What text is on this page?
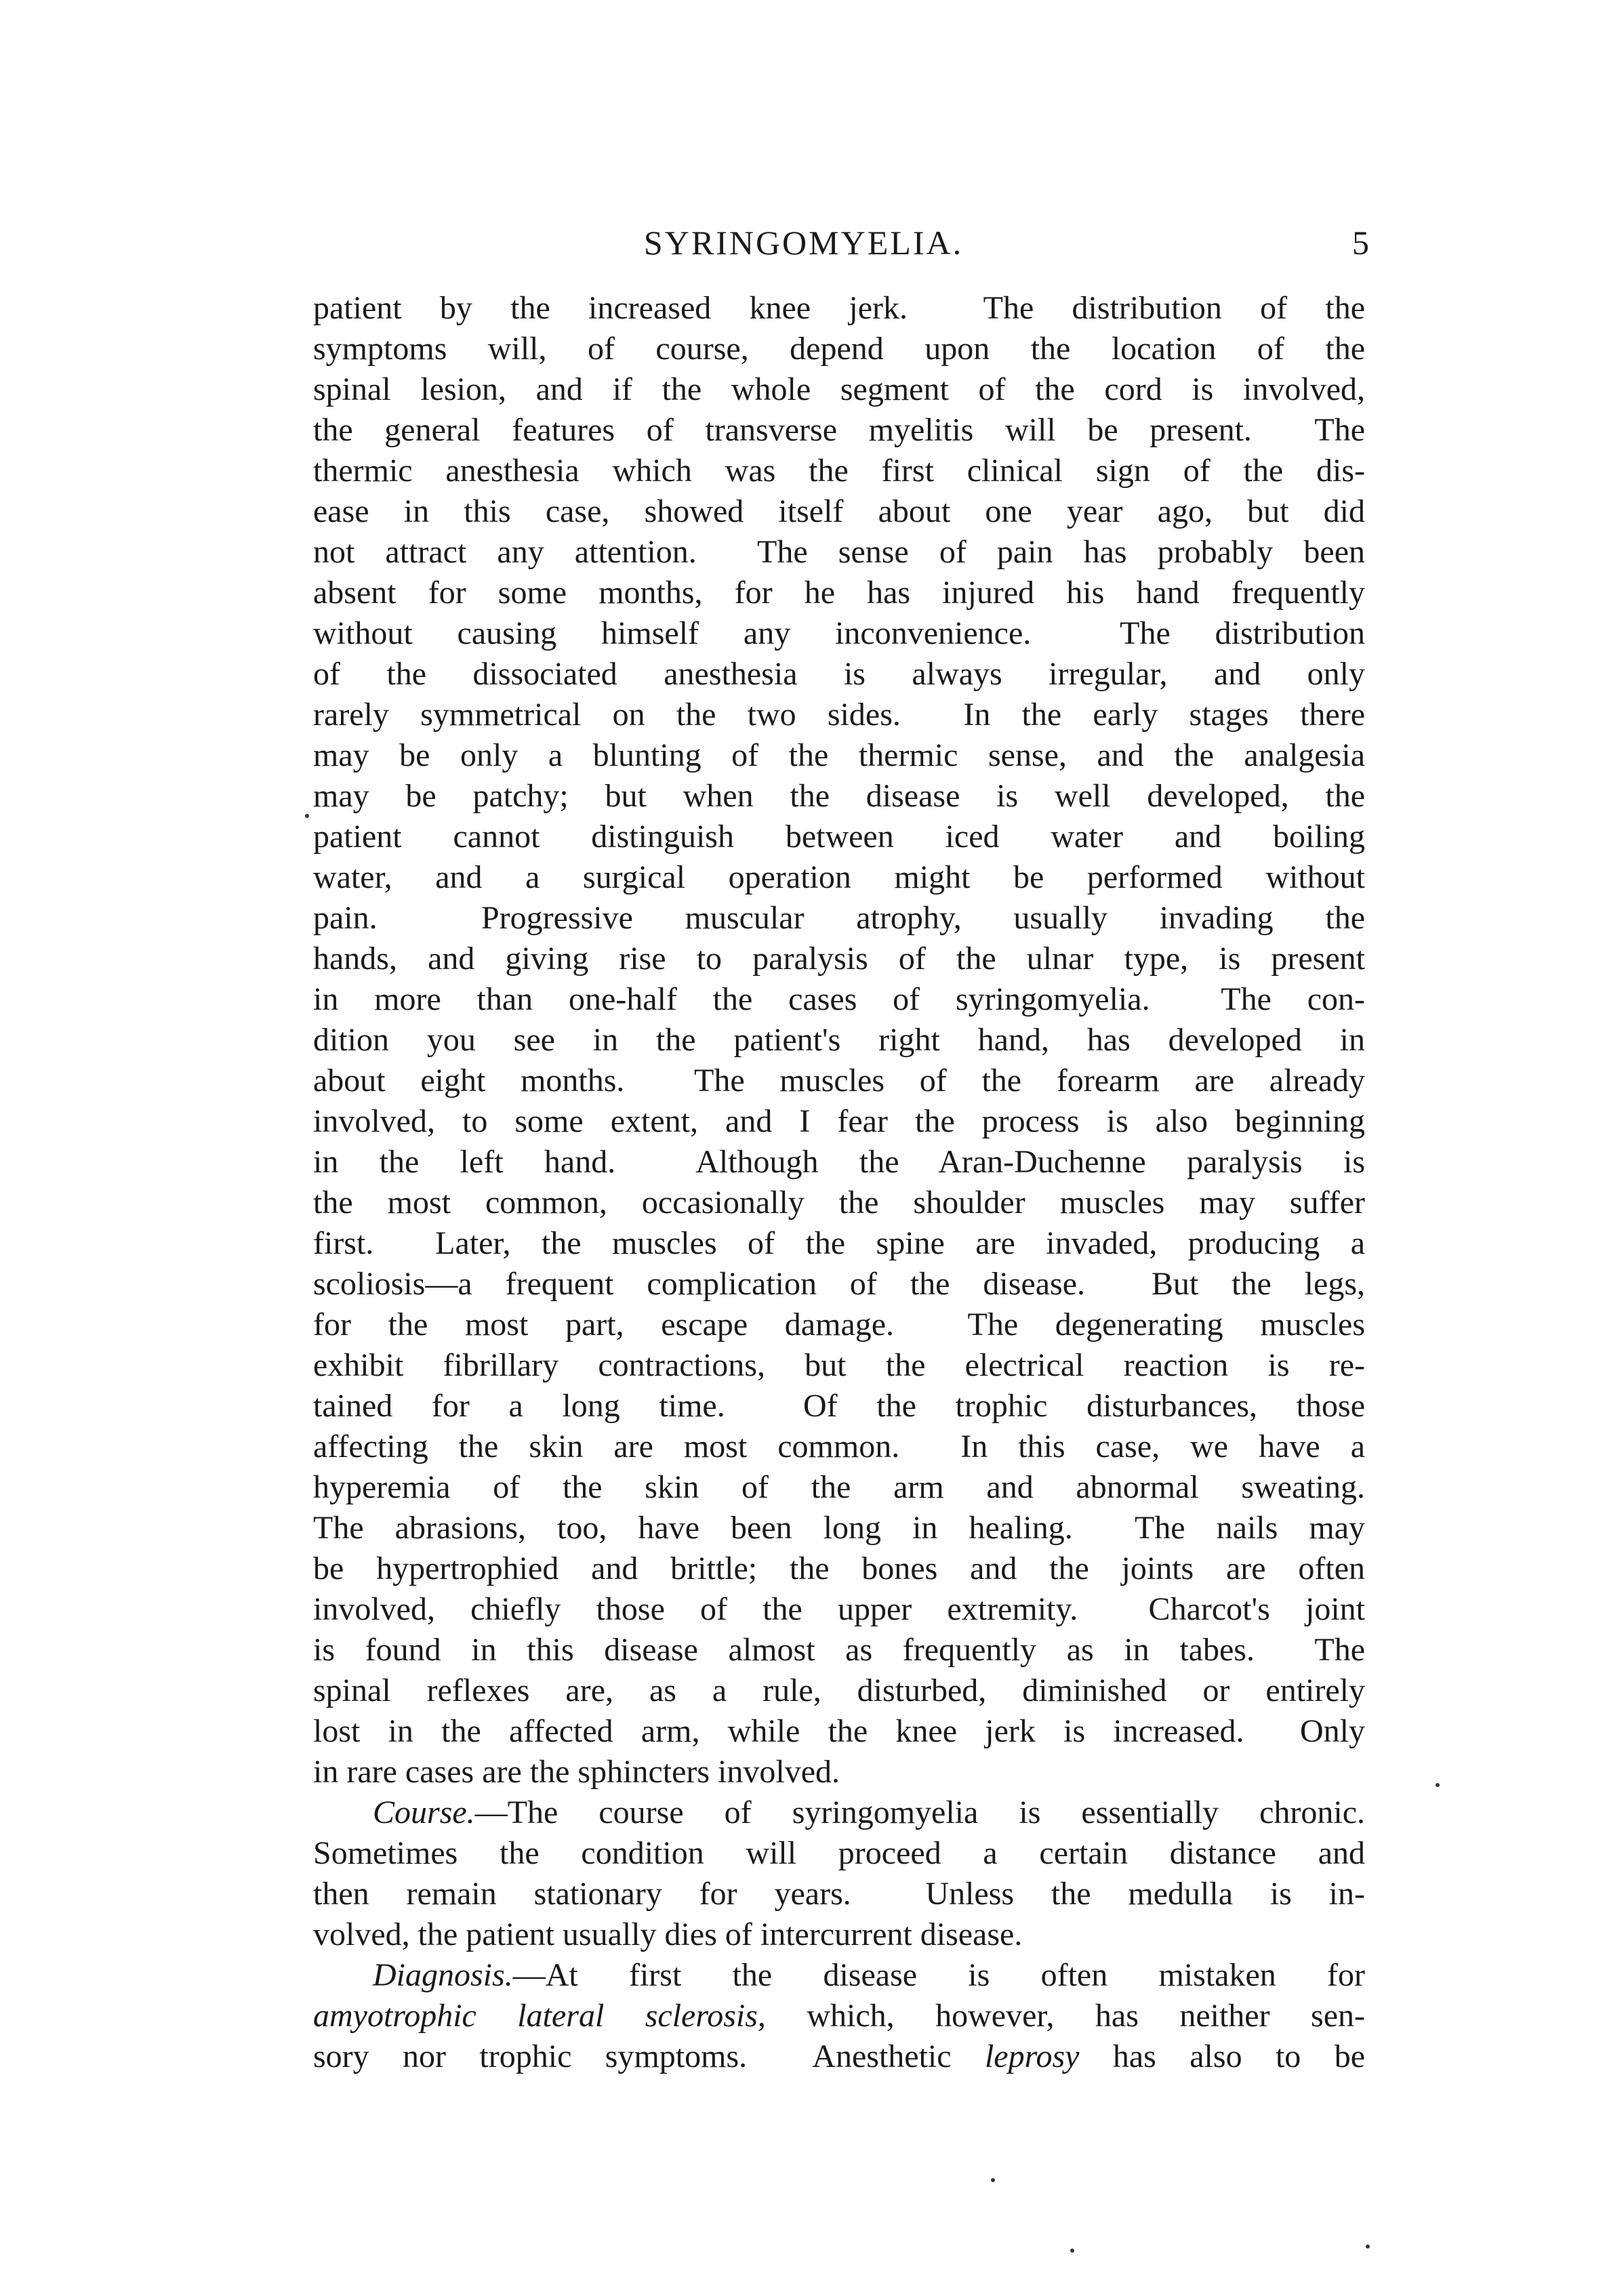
SYRINGOMYELIA.	5
patient by the increased knee jerk.  The distribution of the
symptoms will, of course, depend upon the location of the
spinal lesion, and if the whole segment of the cord is involved,
the general features of transverse myelitis will be present.  The
thermic anesthesia which was the first clinical sign of the dis-
ease in this case, showed itself about one year ago, but did
not attract any attention.  The sense of pain has probably been
absent for some months, for he has injured his hand frequently
without causing himself any inconvenience.  The distribution
of the dissociated anesthesia is always irregular, and only
rarely symmetrical on the two sides.  In the early stages there
may be only a blunting of the thermic sense, and the analgesia
may be patchy; but when the disease is well developed, the
patient cannot distinguish between iced water and boiling
water, and a surgical operation might be performed without
pain.  Progressive muscular atrophy, usually invading the
hands, and giving rise to paralysis of the ulnar type, is present
in more than one-half the cases of syringomyelia.  The con-
dition you see in the patient's right hand, has developed in
about eight months.  The muscles of the forearm are already
involved, to some extent, and I fear the process is also beginning
in the left hand.  Although the Aran-Duchenne paralysis is
the most common, occasionally the shoulder muscles may suffer
first.  Later, the muscles of the spine are invaded, producing a
scoliosis—a frequent complication of the disease.  But the legs,
for the most part, escape damage.  The degenerating muscles
exhibit fibrillary contractions, but the electrical reaction is re-
tained for a long time.  Of the trophic disturbances, those
affecting the skin are most common.  In this case, we have a
hyperemia of the skin of the arm and abnormal sweating.
The abrasions, too, have been long in healing.  The nails may
be hypertrophied and brittle; the bones and the joints are often
involved, chiefly those of the upper extremity.  Charcot's joint
is found in this disease almost as frequently as in tabes.  The
spinal reflexes are, as a rule, disturbed, diminished or entirely
lost in the affected arm, while the knee jerk is increased.  Only
in rare cases are the sphincters involved.
Course.—The course of syringomyelia is essentially chronic.
Sometimes the condition will proceed a certain distance and
then remain stationary for years.  Unless the medulla is in-
volved, the patient usually dies of intercurrent disease.
Diagnosis.—At first the disease is often mistaken for
amyotrophic lateral sclerosis, which, however, has neither sen-
sory nor trophic symptoms.  Anesthetic leprosy has also to be
